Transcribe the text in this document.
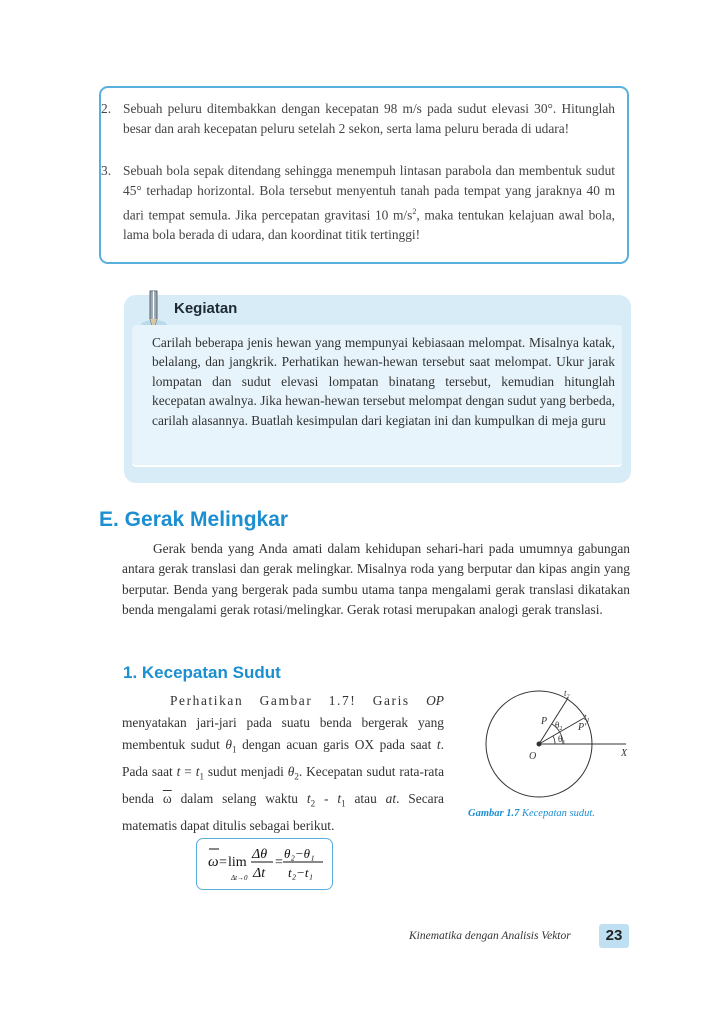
2. Sebuah peluru ditembakkan dengan kecepatan 98 m/s pada sudut elevasi 30°. Hitunglah besar dan arah kecepatan peluru setelah 2 sekon, serta lama peluru berada di udara!
3. Sebuah bola sepak ditendang sehingga menempuh lintasan parabola dan membentuk sudut 45° terhadap horizontal. Bola tersebut menyentuh tanah pada tempat yang jaraknya 40 m dari tempat semula. Jika percepatan gravitasi 10 $m/s^2$, maka tentukan kelajuan awal bola, lama bola berada di udara, dan koordinat titik tertinggi!
Kegiatan
Carilah beberapa jenis hewan yang mempunyai kebiasaan melompat. Misalnya katak, belalang, dan jangkrik. Perhatikan hewan-hewan tersebut saat melompat. Ukur jarak lompatan dan sudut elevasi lompatan binatang tersebut, kemudian hitunglah kecepatan awalnya. Jika hewan-hewan tersebut melompat dengan sudut yang berbeda, carilah alasannya. Buatlah kesimpulan dari kegiatan ini dan kumpulkan di meja guru
E. Gerak Melingkar
Gerak benda yang Anda amati dalam kehidupan sehari-hari pada umumnya gabungan antara gerak translasi dan gerak melingkar. Misalnya roda yang berputar dan kipas angin yang berputar. Benda yang bergerak pada sumbu utama tanpa mengalami gerak translasi dikatakan benda mengalami gerak rotasi/melingkar. Gerak rotasi merupakan analogi gerak translasi.
1. Kecepatan Sudut
Perhatikan Gambar 1.7! Garis OP menyatakan jari-jari pada suatu benda bergerak yang membentuk sudut $\theta_1$ dengan acuan garis OX pada saat t. Pada saat $t = t_1$ sudut menjadi $\theta_2$. Kecepatan sudut rata-rata benda $\overline{\omega}$ dalam selang waktu $t_2 - t_1$ atau at. Secara matematis dapat ditulis sebagai berikut.
O	X
P
P'
$t_2$
$t_1$
$\theta_2$
$\theta_1$
Gambar 1.7 Kecepatan sudut.
ω = lim
Δt→0
Δθ
Δt
=
θ₂−θ₁
t₂−t₁
Kinematika dengan Analisis Vektor	23
